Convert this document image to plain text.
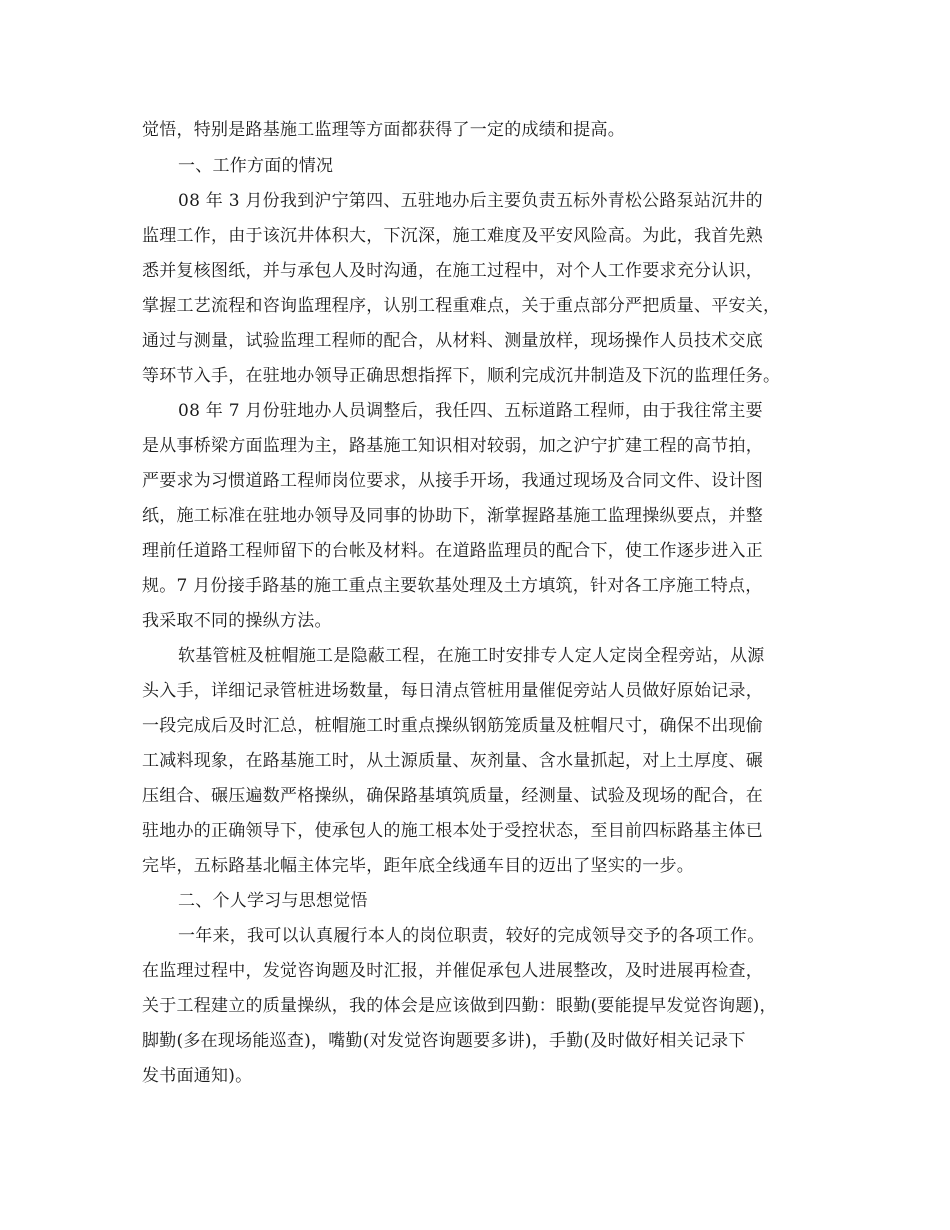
觉悟，特别是路基施工监理等方面都获得了一定的成绩和提高。
一、工作方面的情况
08 年 3 月份我到沪宁第四、五驻地办后主要负责五标外青松公路泵站沉井的
监理工作，由于该沉井体积大，下沉深，施工难度及平安风险高。为此，我首先熟
悉并复核图纸，并与承包人及时沟通，在施工过程中，对个人工作要求充分认识，
掌握工艺流程和咨询监理程序，认别工程重难点，关于重点部分严把质量、平安关，
通过与测量，试验监理工程师的配合，从材料、测量放样，现场操作人员技术交底
等环节入手，在驻地办领导正确思想指挥下，顺利完成沉井制造及下沉的监理任务。
08 年 7 月份驻地办人员调整后，我任四、五标道路工程师，由于我往常主要
是从事桥梁方面监理为主，路基施工知识相对较弱，加之沪宁扩建工程的高节拍，
严要求为习惯道路工程师岗位要求，从接手开场，我通过现场及合同文件、设计图
纸，施工标准在驻地办领导及同事的协助下，渐掌握路基施工监理操纵要点，并整
理前任道路工程师留下的台帐及材料。在道路监理员的配合下，使工作逐步进入正
规。7 月份接手路基的施工重点主要软基处理及土方填筑，针对各工序施工特点，
我采取不同的操纵方法。
软基管桩及桩帽施工是隐蔽工程，在施工时安排专人定人定岗全程旁站，从源
头入手，详细记录管桩进场数量，每日清点管桩用量催促旁站人员做好原始记录，
一段完成后及时汇总，桩帽施工时重点操纵钢筋笼质量及桩帽尺寸，确保不出现偷
工减料现象，在路基施工时，从土源质量、灰剂量、含水量抓起，对上土厚度、碾
压组合、碾压遍数严格操纵，确保路基填筑质量，经测量、试验及现场的配合，在
驻地办的正确领导下，使承包人的施工根本处于受控状态，至目前四标路基主体已
完毕，五标路基北幅主体完毕，距年底全线通车目的迈出了坚实的一步。
二、个人学习与思想觉悟
一年来，我可以认真履行本人的岗位职责，较好的完成领导交予的各项工作。
在监理过程中，发觉咨询题及时汇报，并催促承包人进展整改，及时进展再检查，
关于工程建立的质量操纵，我的体会是应该做到四勤：眼勤(要能提早发觉咨询题)，
脚勤(多在现场能巡查)，嘴勤(对发觉咨询题要多讲)，手勤(及时做好相关记录下
发书面通知)。
